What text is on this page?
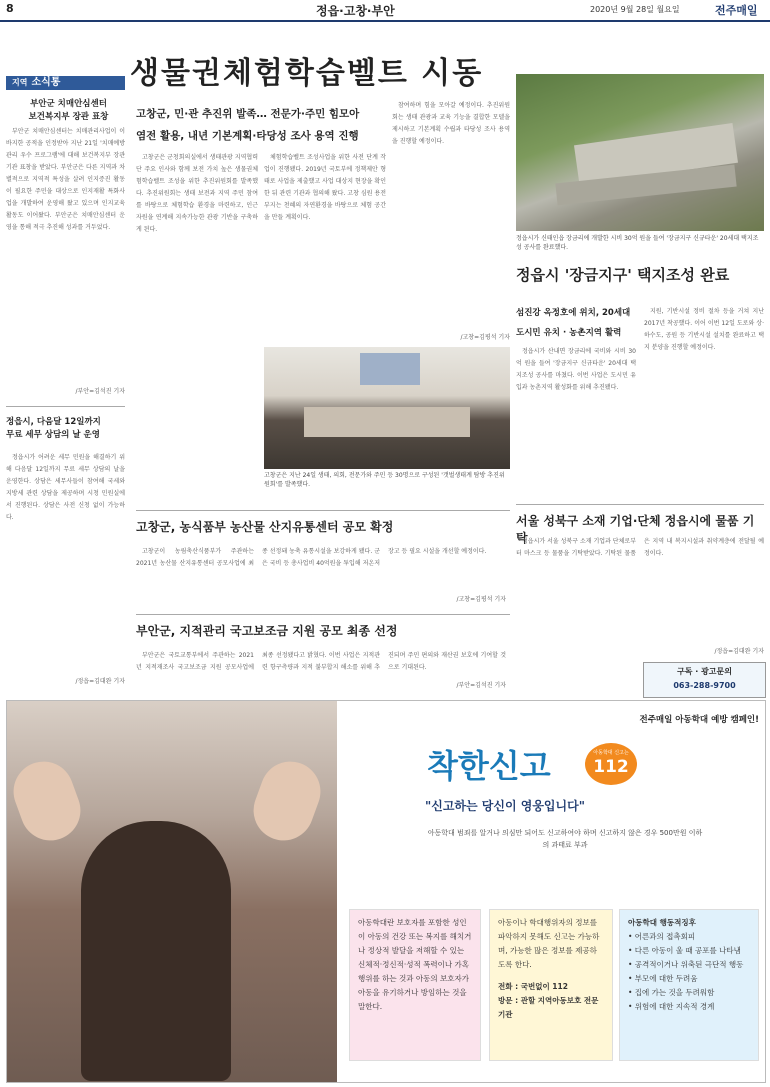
8	정읍·고창·부안	2020년 9월 28일 월요일	전주매일
지역 소식통
부안군 치매안심센터
보건복지부 장관 표창

부안군 치매안심센터는 치매관리사업이 이바지한 공적을 인정받아 지난 21일 '치매예방관리 우수 프로그램'에 대해 보건복지부 장관 기관 표창을 받았다. 부안군은 다른 지역과 차별적으로 지역적 특성을 살려 인지증진 활동이 필요한 주민을 대상으로 인지재활 특화사업을 개발하여 운영해 왔고 있으며 인지교육 활동도 이어왔다. 부안군은 치매안심센터 운영을 통해 적극 추진해 성과를 거두었다.

/부안=김석진 기자
정읍시, 다음달 12일까지
무료 세무 상담의 날 운영

정읍시가 어려운 세무 민원을 해결하기 위해 다음달 12일까지 무료 세무 상담의 날을 운영한다. 상담은 세무사들이 참여해 국세와 지방세 관련 상담을 제공하며 시청 민원실에서 진행된다. 상담은 사전 신청 없이 가능하다.

/정읍=김대완 기자
생물권체험학습벨트 시동
고창군, 민·관 추진위 발족… 전문가·주민 힘모아
염전 활용, 내년 기본계획·타당성 조사 용역 진행

고창군은 군청회의실에서 생태관광 지역협력단 주요 인사와 함께 보전 가치 높은 생물권체험학습벨트 조성을 위한 추진위원회를 발족했다. 추진위원회는 생태 보전과 지역 주민 참여를 바탕으로 체험학습 환경을 마련하고, 인근 자원을 연계해 지속가능한 관광 기반을 구축하게 된다.

체험학습벨트 조성사업을 위한 사전 단계 작업이 진행됐다. 2019년 국토부에 정책제안 형태로 사업을 제출했고 사업 대상지 현장을 확인한 뒤 관련 기관과 협의해 왔다. 고창 심원 용전 부지는 천혜의 자연환경을 바탕으로 체험 공간을 만들 계획이다.

참여하며 힘을 모아갈 예정이다. 추진위원회는 생태 관광과 교육 기능을 결합한 모델을 제시하고 기본계획 수립과 타당성 조사 용역을 진행할 예정이다.

/고창=김평석 기자
고창군은 지난 24일 생태, 의회, 전문가와 주민 등 30명으로 구성된 '갯벌생태계 탐방 추진위원회'를 발족했다.
고창군, 농식품부 농산물 산지유통센터 공모 확정

고창군이 농림축산식품부가 주관하는 2021년 농산물 산지유통센터 공모사업에 최종 선정돼 농축 유통시설을 보강하게 됐다. 군은 국비 등 총사업비 40억원을 투입해 저온저장고 등 필요 시설을 개선할 예정이다.

/고창=김평석 기자
부안군, 지적관리 국고보조금 지원 공모 최종 선정

부안군은 국토교통부에서 주관하는 2021년 지적재조사 국고보조금 지원 공모사업에 최종 선정됐다고 밝혔다. 이번 사업은 지적관련 항구측량과 지적 불부합지 해소를 위해 추진되며 주민 편의와 재산권 보호에 기여할 것으로 기대된다.

/부안=김석진 기자
정읍시가 신태인읍 장금리에 개발한 시비 30억 원을 들여 '장금지구 신규타운' 20세대 택지조성 공사를 완료했다.
정읍시 '장금지구' 택지조성 완료
섬진강 옥정호에 위치, 20세대
도시민 유치 · 농촌지역 활력

정읍시가 산내면 장금리에 국비와 시비 30억 원을 들여 '장금지구 신규타운' 20세대 택지조성 공사를 마쳤다. 이번 사업은 도시민 유입과 농촌지역 활성화를 위해 추진됐다.

지원, 기반시설 정비 절차 등을 거쳐 지난 2017년 착공했다. 이어 이번 12일 도로와 상·하수도, 공원 등 기반시설 설치를 완료하고 택지 분양을 진행할 예정이다.

서울 성북구 소재 기업·단체 정읍시에 물품 기탁

정읍시가 서울 성북구 소재 기업과 단체로부터 마스크 등 물품을 기탁받았다. 기탁된 물품은 지역 내 복지시설과 취약계층에 전달될 예정이다.

/정읍=김대완 기자
구독 · 광고문의
063-288-9700
전주매일 아동학대 예방 캠페인!
착한신고	아동학대 신고는
112
"신고하는 당신이 영웅입니다"
아동학대 범죄를 알거나 의심만 되어도 신고하여야 하며 신고하지 않은 경우 500만원 이하의 과태료 부과
아동학대란 보호자를 포함한 성인이 아동의 건강 또는 복지를 해치거나 정상적 발달을 저해할 수 있는 신체적·정신적·성적 폭력이나 가혹행위를 하는 것과 아동의 보호자가 아동을 유기하거나 방임하는 것을 말한다.
아동이나 학대행위자의 정보를 파악하지 못해도 신고는 가능하며, 가능한 많은 정보를 제공하도록 한다.
전화 : 국번없이 112
방문 : 관할 지역아동보호 전문기관
아동학대 행동적징후
• 어른과의 접촉회피
• 다른 아동이 울 때 공포를 나타냄
• 공격적이거나 위축된 극단적 행동
• 부모에 대한 두려움
• 집에 가는 것을 두려워함
• 위험에 대한 지속적 경계
